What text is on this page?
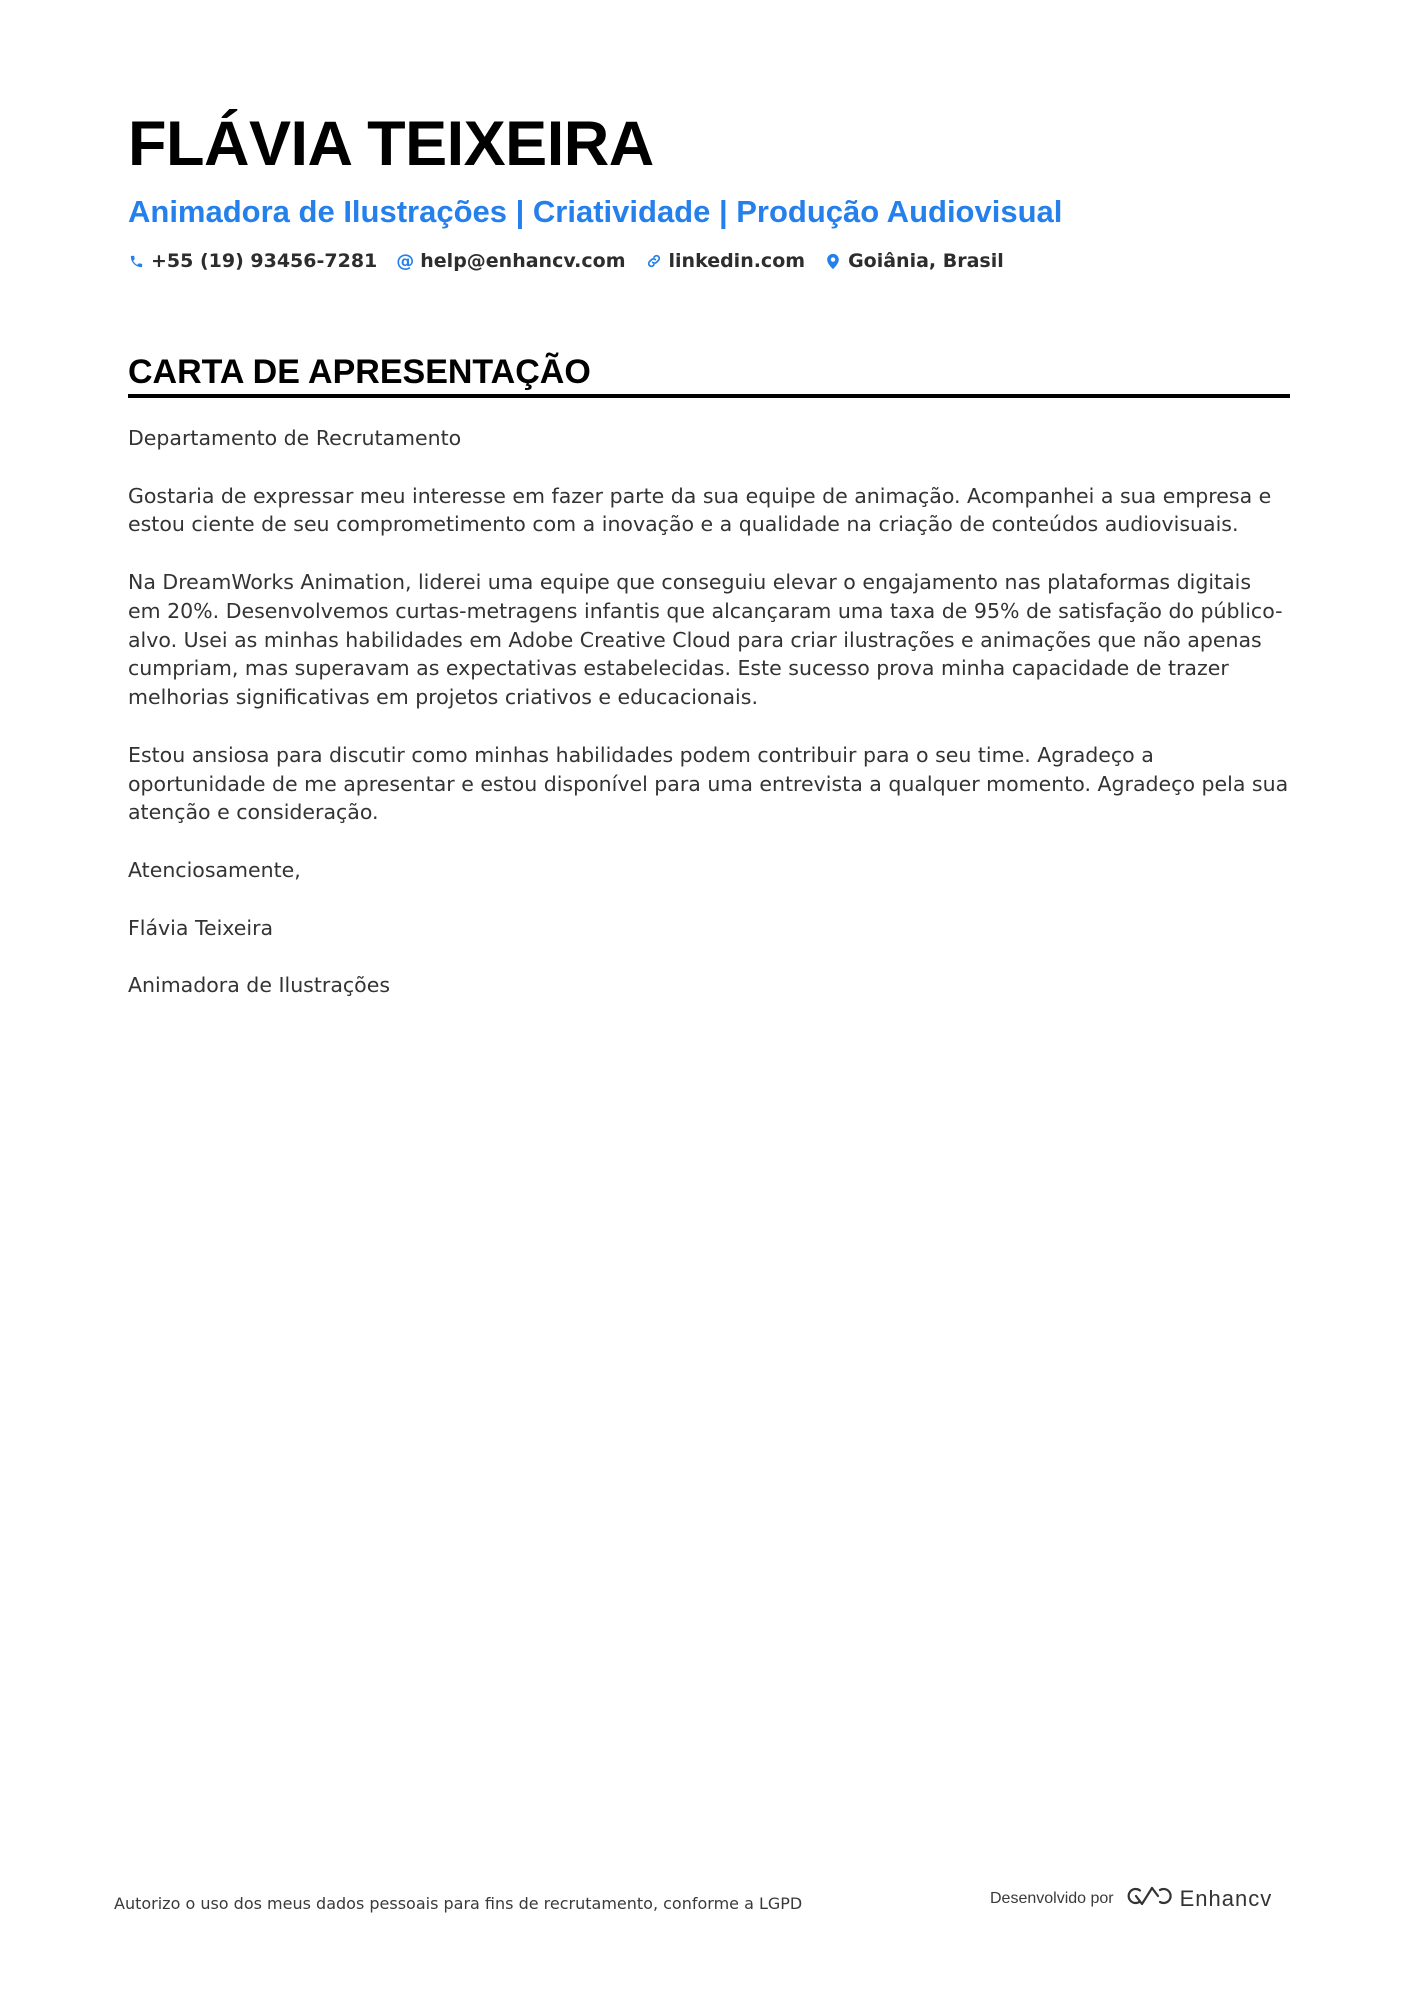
FLÁVIA TEIXEIRA
Animadora de Ilustrações | Criatividade | Produção Audiovisual
+55 (19) 93456-7281 @ help@enhancv.com linkedin.com Goiânia, Brasil
CARTA DE APRESENTAÇÃO

Departamento de Recrutamento

Gostaria de expressar meu interesse em fazer parte da sua equipe de animação. Acompanhei a sua empresa e estou ciente de seu comprometimento com a inovação e a qualidade na criação de conteúdos audiovisuais.

Na DreamWorks Animation, liderei uma equipe que conseguiu elevar o engajamento nas plataformas digitais em 20%. Desenvolvemos curtas-metragens infantis que alcançaram uma taxa de 95% de satisfação do público-alvo. Usei as minhas habilidades em Adobe Creative Cloud para criar ilustrações e animações que não apenas cumpriam, mas superavam as expectativas estabelecidas. Este sucesso prova minha capacidade de trazer melhorias significativas em projetos criativos e educacionais.

Estou ansiosa para discutir como minhas habilidades podem contribuir para o seu time. Agradeço a oportunidade de me apresentar e estou disponível para uma entrevista a qualquer momento. Agradeço pela sua atenção e consideração.

Atenciosamente,

Flávia Teixeira

Animadora de Ilustrações

Autorizo o uso dos meus dados pessoais para fins de recrutamento, conforme a LGPD	Desenvolvido por	Enhancv
